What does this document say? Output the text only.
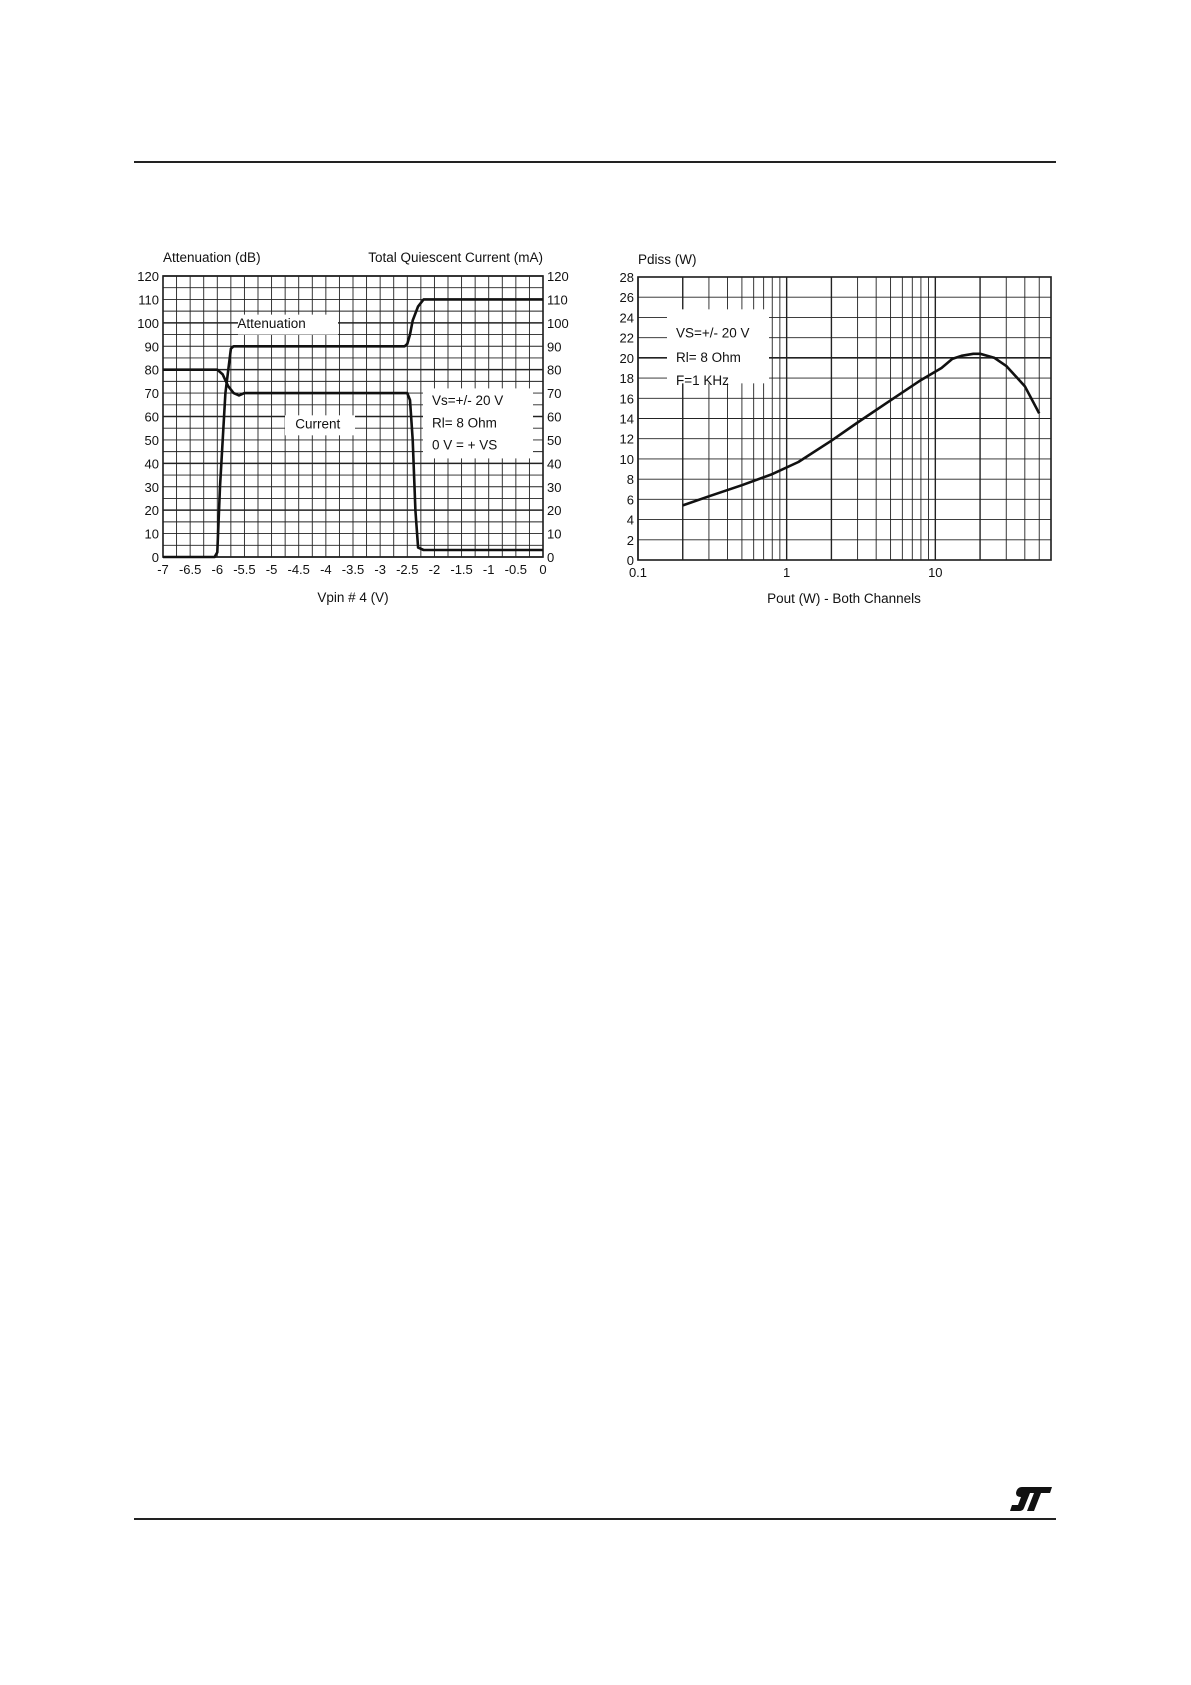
-7 -6.5 -6 -5.5 -5 -4.5 -4 -3.5 -3 -2.5 -2 -1.5 -1 -0.5 0
0	0
10	10
20	20
30	30
40	40
50	50
60	60
70	70
80	80
90	90
100	100
110	110
120	120
Attenuation (dB)	Total Quiescent Current (mA)
Vpin # 4 (V)
Attenuation
Current
Vs=+/- 20 V
Rl= 8 Ohm
0 V = + VS
0.1	1	10
0
2
4
6
8
10
12
14
16
18
20
22
24
26
28
Pdiss (W)
Pout (W) - Both Channels
VS=+/- 20 V
Rl= 8 Ohm
F=1 KHz
